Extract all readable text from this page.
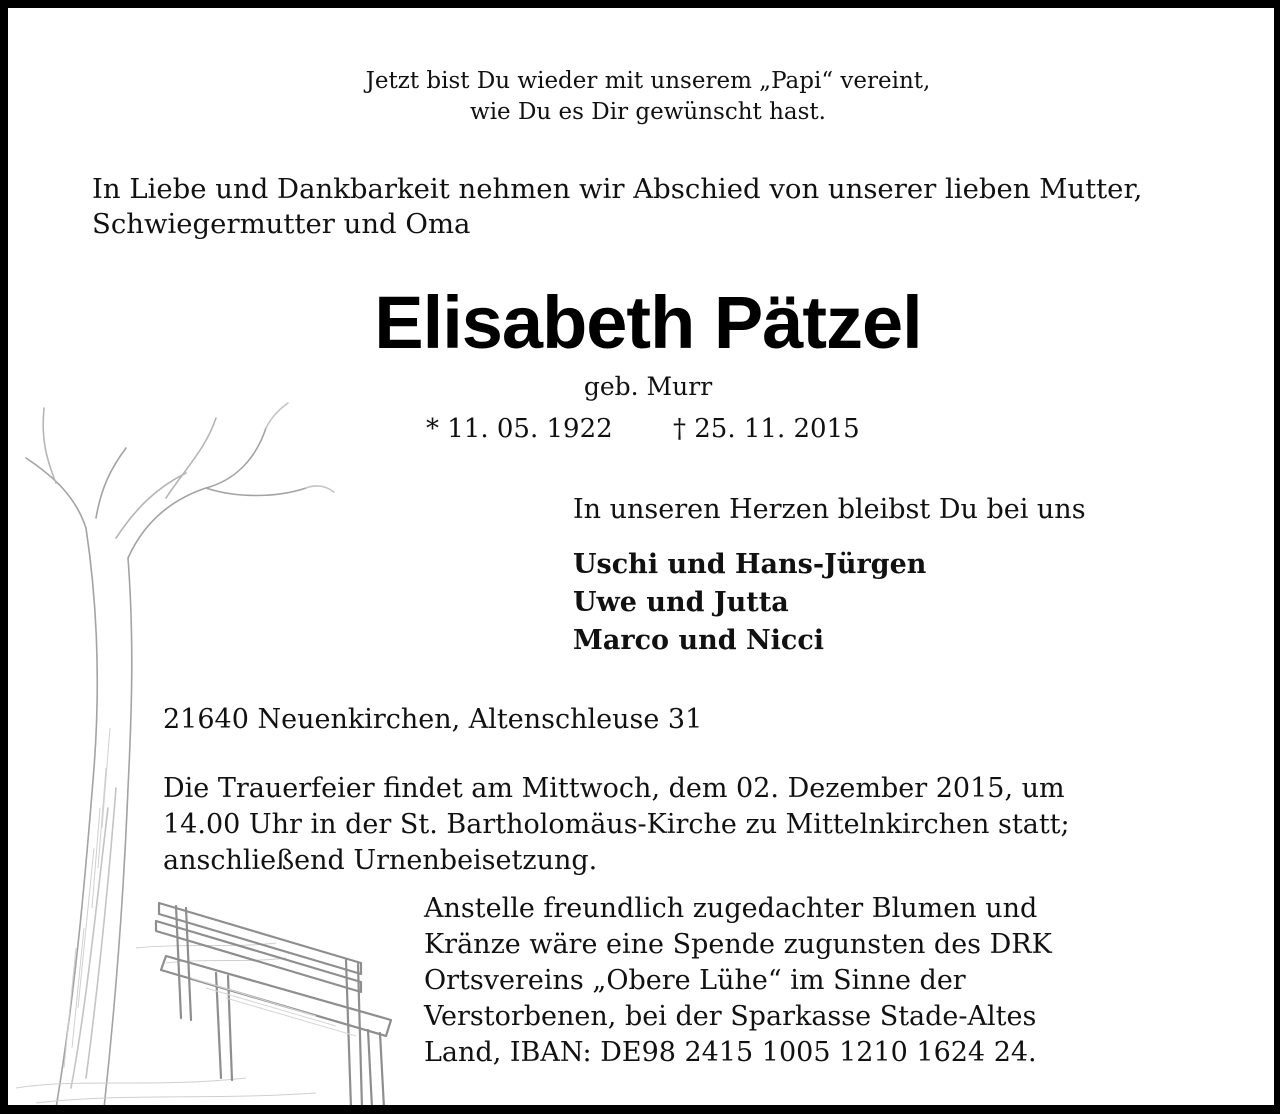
Jetzt bist Du wieder mit unserem „Papi“ vereint,
wie Du es Dir gewünscht hast.
In Liebe und Dankbarkeit nehmen wir Abschied von unserer lieben Mutter,
Schwiegermutter und Oma
Elisabeth Pätzel
geb. Murr
* 11. 05. 1922 † 25. 11. 2015
In unseren Herzen bleibst Du bei uns
Uschi und Hans-Jürgen
Uwe und Jutta
Marco und Nicci
21640 Neuenkirchen, Altenschleuse 31
Die Trauerfeier findet am Mittwoch, dem 02. Dezember 2015, um
14.00 Uhr in der St. Bartholomäus-Kirche zu Mittelnkirchen statt;
anschließend Urnenbeisetzung.
Anstelle freundlich zugedachter Blumen und
Kränze wäre eine Spende zugunsten des DRK
Ortsvereins „Obere Lühe“ im Sinne der
Verstorbenen, bei der Sparkasse Stade-Altes
Land, IBAN: DE98 2415 1005 1210 1624 24.
